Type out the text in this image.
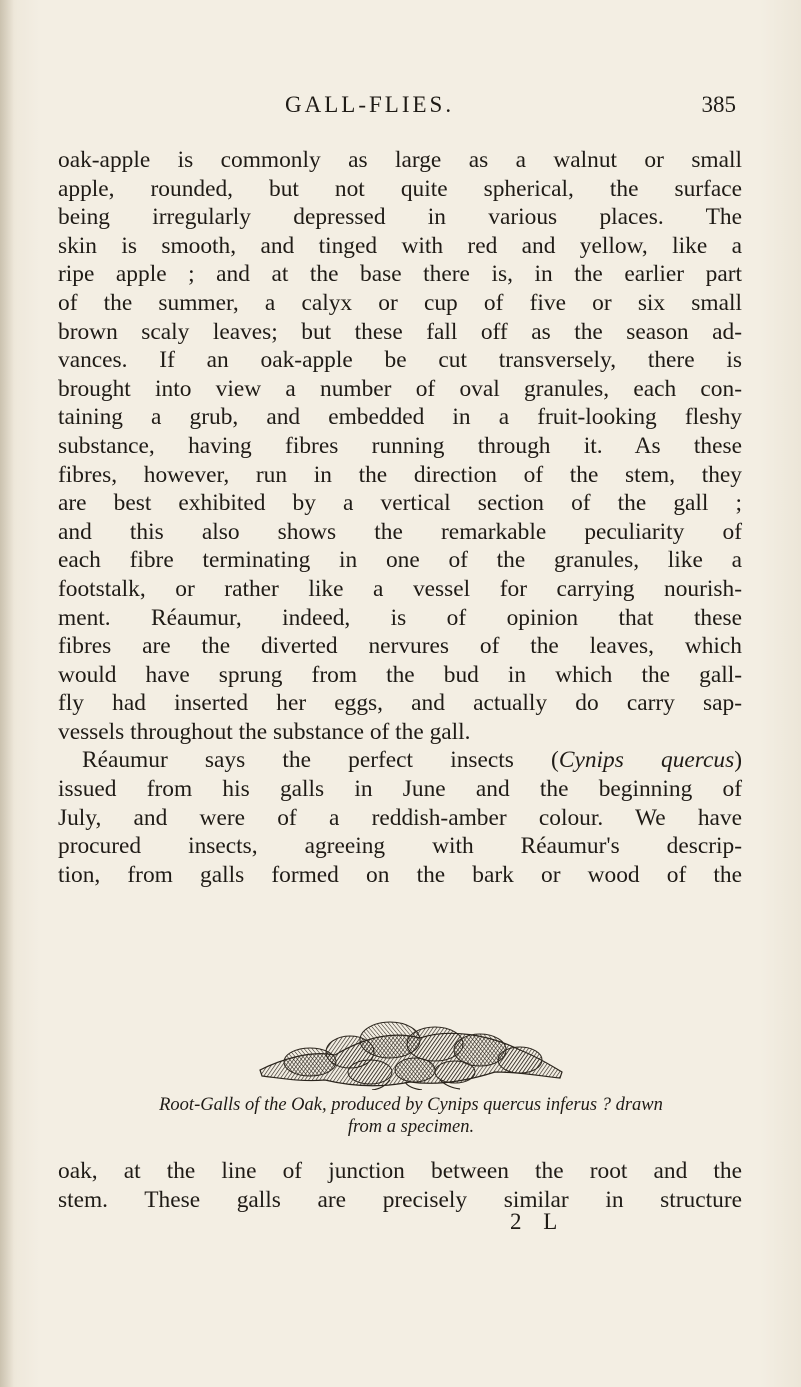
GALL-FLIES.	385
oak-apple is commonly as large as a walnut or small
apple, rounded, but not quite spherical, the surface
being irregularly depressed in various places. The
skin is smooth, and tinged with red and yellow, like a
ripe apple ; and at the base there is, in the earlier part
of the summer, a calyx or cup of five or six small
brown scaly leaves; but these fall off as the season ad-
vances. If an oak-apple be cut transversely, there is
brought into view a number of oval granules, each con-
taining a grub, and embedded in a fruit-looking fleshy
substance, having fibres running through it. As these
fibres, however, run in the direction of the stem, they
are best exhibited by a vertical section of the gall ;
and this also shows the remarkable peculiarity of
each fibre terminating in one of the granules, like a
footstalk, or rather like a vessel for carrying nourish-
ment. Réaumur, indeed, is of opinion that these
fibres are the diverted nervures of the leaves, which
would have sprung from the bud in which the gall-
fly had inserted her eggs, and actually do carry sap-
vessels throughout the substance of the gall.
Réaumur says the perfect insects (Cynips quercus)
issued from his galls in June and the beginning of
July, and were of a reddish-amber colour. We have
procured insects, agreeing with Réaumur's descrip-
tion, from galls formed on the bark or wood of the
Root-Galls of the Oak, produced by Cynips quercus inferus ? drawn
from a specimen.
oak, at the line of junction between the root and the
stem. These galls are precisely similar in structure
2 L
